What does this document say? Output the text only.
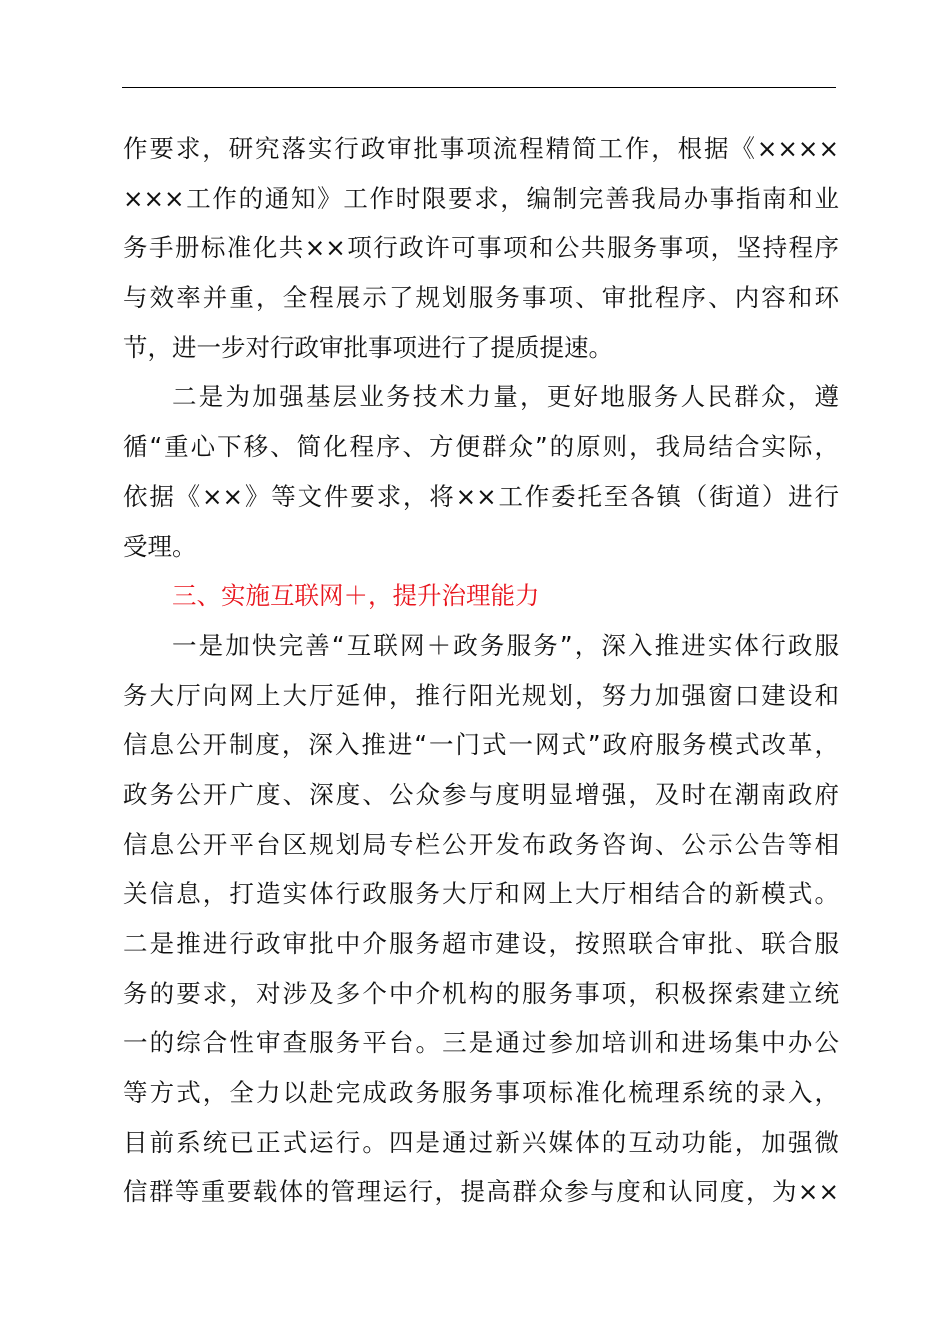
作要求，研究落实行政审批事项流程精简工作，根据《××××
×××工作的通知》工作时限要求，编制完善我局办事指南和业
务手册标准化共××项行政许可事项和公共服务事项，坚持程序
与效率并重，全程展示了规划服务事项、审批程序、内容和环
节，进一步对行政审批事项进行了提质提速。
二是为加强基层业务技术力量，更好地服务人民群众，遵
循“重心下移、简化程序、方便群众”的原则，我局结合实际，
依据《××》等文件要求，将××工作委托至各镇（街道）进行
受理。
三、实施互联网＋，提升治理能力
一是加快完善“互联网＋政务服务”，深入推进实体行政服
务大厅向网上大厅延伸，推行阳光规划，努力加强窗口建设和
信息公开制度，深入推进“一门式一网式”政府服务模式改革，
政务公开广度、深度、公众参与度明显增强，及时在潮南政府
信息公开平台区规划局专栏公开发布政务咨询、公示公告等相
关信息，打造实体行政服务大厅和网上大厅相结合的新模式。
二是推进行政审批中介服务超市建设，按照联合审批、联合服
务的要求，对涉及多个中介机构的服务事项，积极探索建立统
一的综合性审查服务平台。三是通过参加培训和进场集中办公
等方式，全力以赴完成政务服务事项标准化梳理系统的录入，
目前系统已正式运行。四是通过新兴媒体的互动功能，加强微
信群等重要载体的管理运行，提高群众参与度和认同度，为××
